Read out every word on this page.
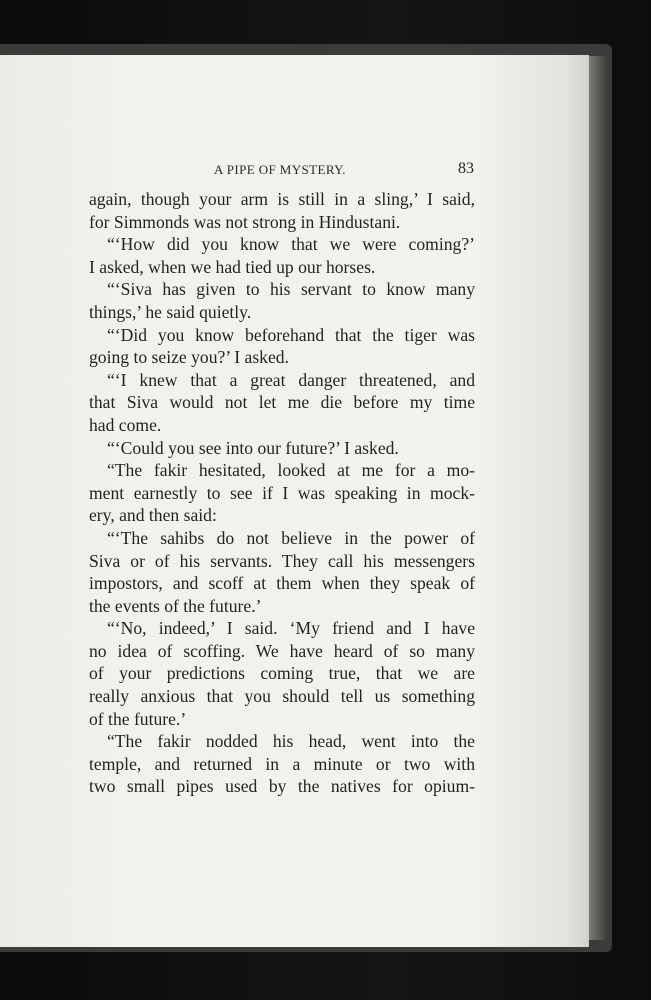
A PIPE OF MYSTERY.	83
again, though your arm is still in a sling,’ I said,
for Simmonds was not strong in Hindustani.
“‘How did you know that we were coming?’
I asked, when we had tied up our horses.
“‘Siva has given to his servant to know many
things,’ he said quietly.
“‘Did you know beforehand that the tiger was
going to seize you?’ I asked.
“‘I knew that a great danger threatened, and
that Siva would not let me die before my time
had come.
“‘Could you see into our future?’ I asked.
“The fakir hesitated, looked at me for a mo-
ment earnestly to see if I was speaking in mock-
ery, and then said:
“‘The sahibs do not believe in the power of
Siva or of his servants. They call his messengers
impostors, and scoff at them when they speak of
the events of the future.’
“‘No, indeed,’ I said. ‘My friend and I have
no idea of scoffing. We have heard of so many
of your predictions coming true, that we are
really anxious that you should tell us something
of the future.’
“The fakir nodded his head, went into the
temple, and returned in a minute or two with
two small pipes used by the natives for opium-
